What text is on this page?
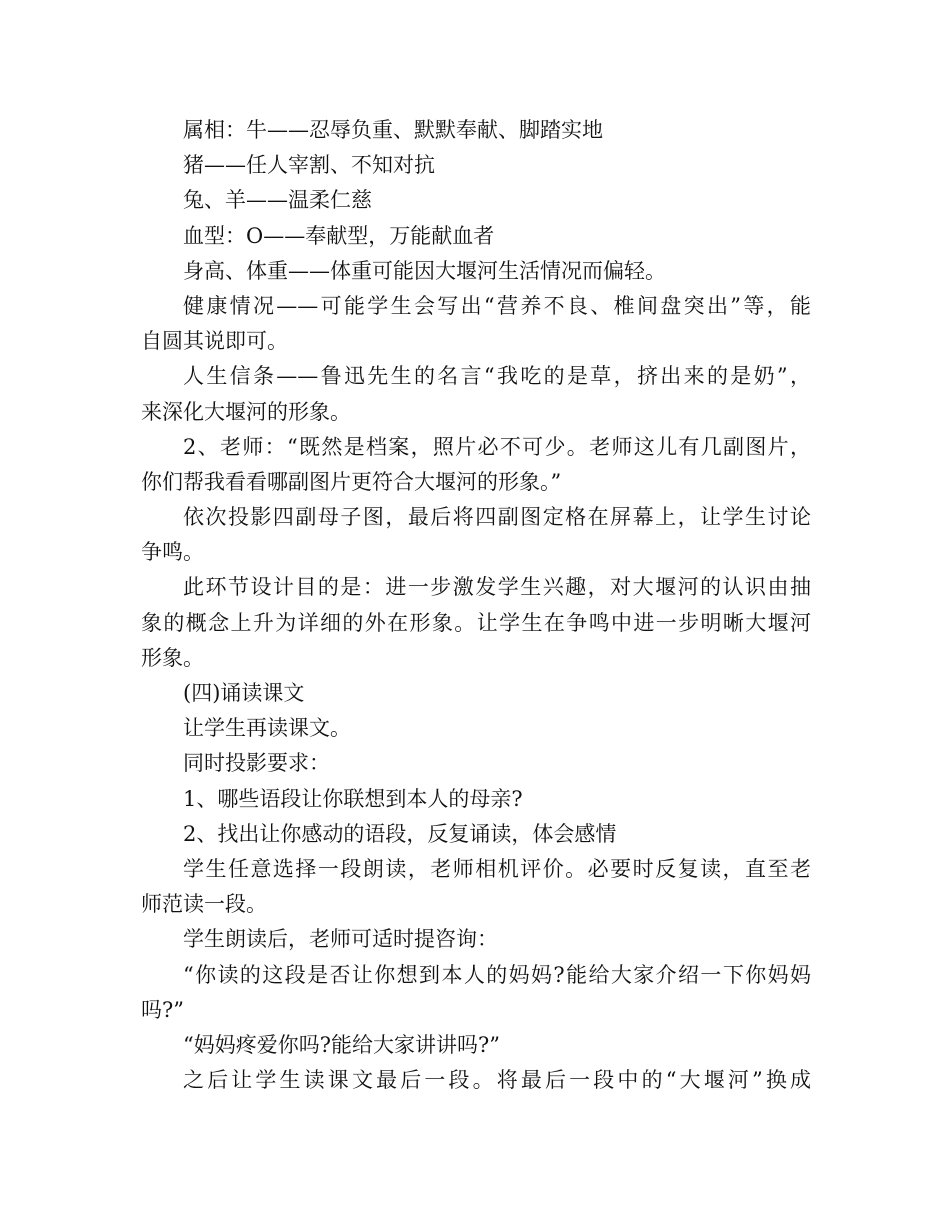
属相：牛——忍辱负重、默默奉献、脚踏实地
猪——任人宰割、不知对抗
兔、羊——温柔仁慈
血型：O——奉献型，万能献血者
身高、体重——体重可能因大堰河生活情况而偏轻。
健康情况——可能学生会写出“营养不良、椎间盘突出”等，能
自圆其说即可。
人生信条——鲁迅先生的名言“我吃的是草，挤出来的是奶”，
来深化大堰河的形象。
2、老师：“既然是档案，照片必不可少。老师这儿有几副图片，
你们帮我看看哪副图片更符合大堰河的形象。”
依次投影四副母子图，最后将四副图定格在屏幕上，让学生讨论
争鸣。
此环节设计目的是：进一步激发学生兴趣，对大堰河的认识由抽
象的概念上升为详细的外在形象。让学生在争鸣中进一步明晰大堰河
形象。
(四)诵读课文
让学生再读课文。
同时投影要求：
1、哪些语段让你联想到本人的母亲?
2、找出让你感动的语段，反复诵读，体会感情
学生任意选择一段朗读，老师相机评价。必要时反复读，直至老
师范读一段。
学生朗读后，老师可适时提咨询：
“你读的这段是否让你想到本人的妈妈?能给大家介绍一下你妈妈
吗?”
“妈妈疼爱你吗?能给大家讲讲吗?”
之后让学生读课文最后一段。将最后一段中的“大堰河”换成
